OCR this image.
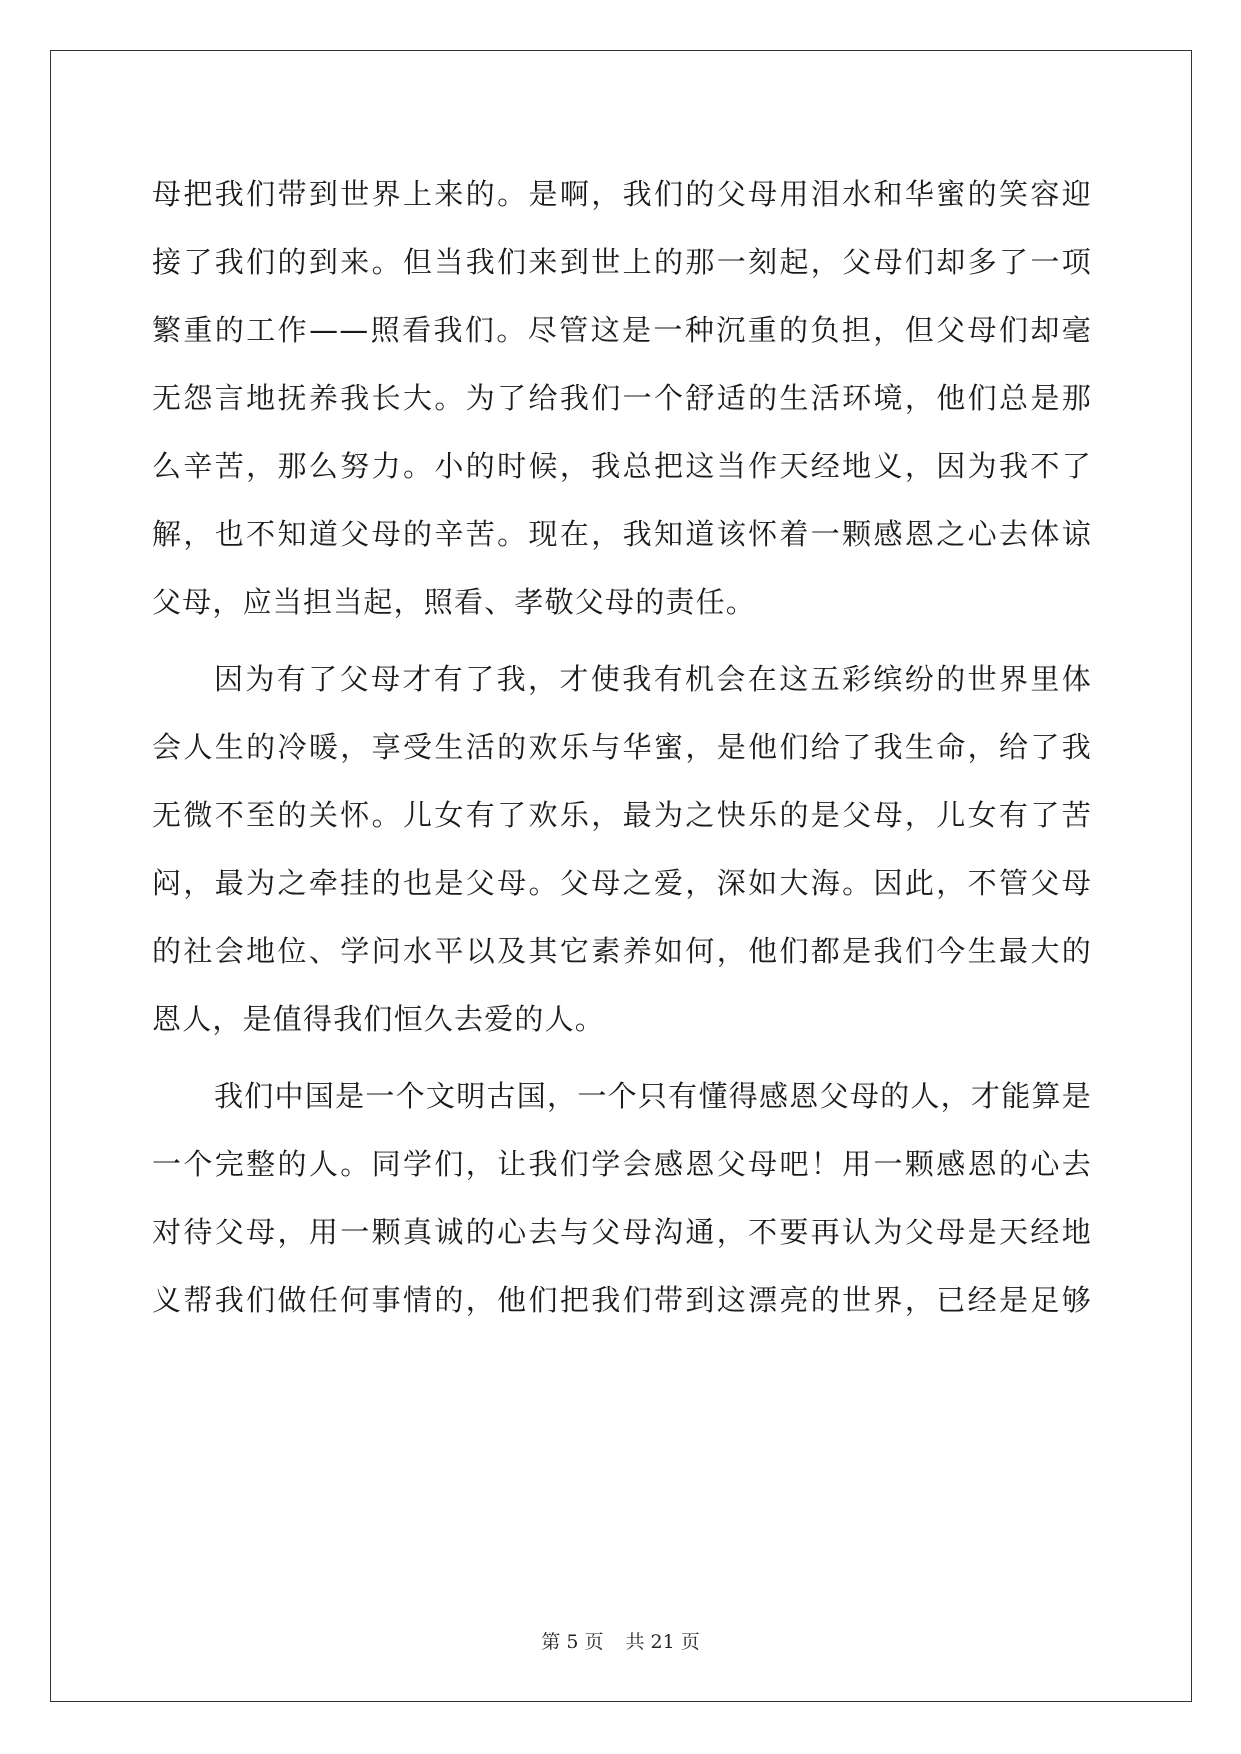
母把我们带到世界上来的。是啊，我们的父母用泪水和华蜜的笑容迎
接了我们的到来。但当我们来到世上的那一刻起，父母们却多了一项
繁重的工作——照看我们。尽管这是一种沉重的负担，但父母们却毫
无怨言地抚养我长大。为了给我们一个舒适的生活环境，他们总是那
么辛苦，那么努力。小的时候，我总把这当作天经地义，因为我不了
解，也不知道父母的辛苦。现在，我知道该怀着一颗感恩之心去体谅
父母，应当担当起，照看、孝敬父母的责任。

因为有了父母才有了我，才使我有机会在这五彩缤纷的世界里体
会人生的冷暖，享受生活的欢乐与华蜜，是他们给了我生命，给了我
无微不至的关怀。儿女有了欢乐，最为之快乐的是父母，儿女有了苦
闷，最为之牵挂的也是父母。父母之爱，深如大海。因此，不管父母
的社会地位、学问水平以及其它素养如何，他们都是我们今生最大的
恩人，是值得我们恒久去爱的人。

我们中国是一个文明古国，一个只有懂得感恩父母的人，才能算是
一个完整的人。同学们，让我们学会感恩父母吧！用一颗感恩的心去
对待父母，用一颗真诚的心去与父母沟通，不要再认为父母是天经地
义帮我们做任何事情的，他们把我们带到这漂亮的世界，已经是足够

第 5 页 共 21 页
